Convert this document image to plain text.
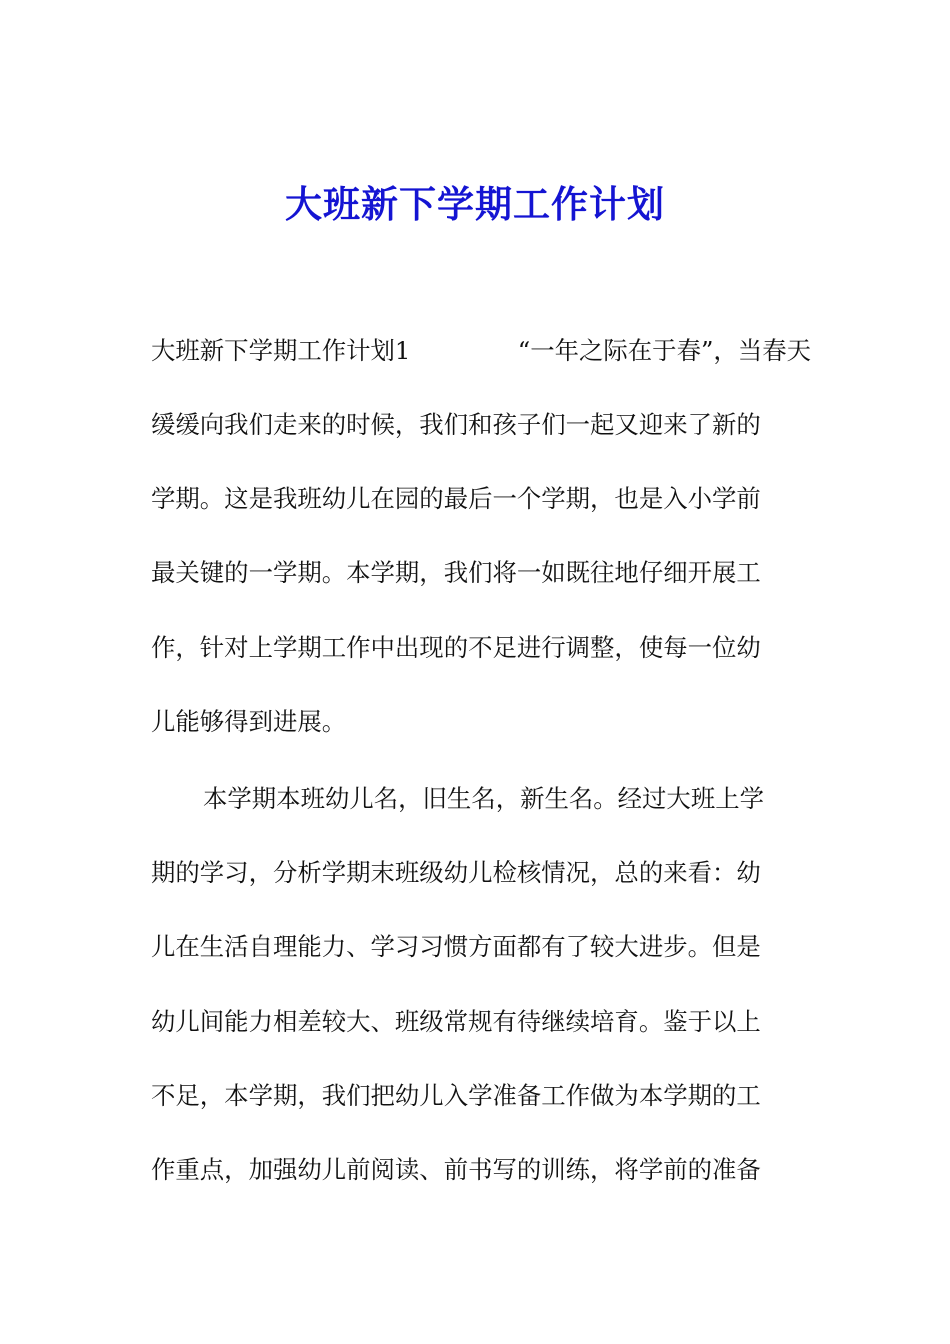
大班新下学期工作计划
大班新下学期工作计划1	“一年之际在于春”，当春天
缓缓向我们走来的时候，我们和孩子们一起又迎来了新的
学期。这是我班幼儿在园的最后一个学期，也是入小学前
最关键的一学期。本学期，我们将一如既往地仔细开展工
作，针对上学期工作中出现的不足进行调整，使每一位幼
儿能够得到进展。
本学期本班幼儿名，旧生名，新生名。经过大班上学
期的学习，分析学期末班级幼儿检核情况，总的来看：幼
儿在生活自理能力、学习习惯方面都有了较大进步。但是
幼儿间能力相差较大、班级常规有待继续培育。鉴于以上
不足，本学期，我们把幼儿入学准备工作做为本学期的工
作重点，加强幼儿前阅读、前书写的训练，将学前的准备
